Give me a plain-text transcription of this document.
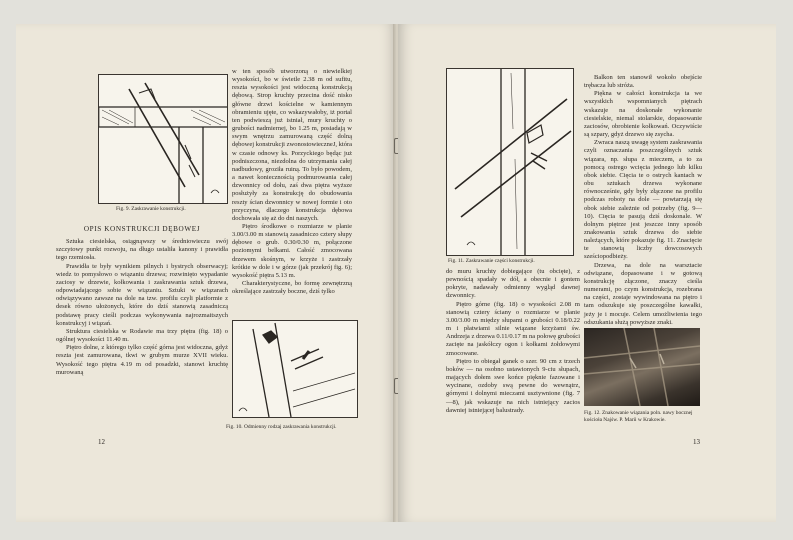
Fig. 9. Zaskrawanie konstrukcji.

OPIS KONSTRUKCJI DĘBOWEJ

Sztuka ciesielska, osiągnąwszy w średniowieczu swój szczytowy punkt rozwoju, na długo ustaliła kanony i prawidła tego rzemiosła.

Prawidła te były wynikiem pilnych i bystrych obserwacyj; wiedz to pomysłowo o wiązaniu drzewa; rozwinięto wypadanie zaciosy w drzewie, kołkowania i zaskrawania sztuk drzewa, odpowiadającego sobie w wiązaniu. Sztuki w wiązarach odwiązywano zawsze na dole na tzw. profilu czyli platformie z desek równo ułożonych, które do dziś stanowią zasadniczą podstawę pracy cieśli podczas wykonywania najrozmaitszych konstrukcyj i wiązań.

Struktura ciesielska w Rodawie ma trzy piętra (fig. 18) o ogólnej wysokości 11.40 m.

Piętro dolne, z którego tylko część górna jest widoczna, gdyż reszta jest zamurowana, tkwi w grubym murze XVII wieku. Wysokość tego piętra 4.19 m od posadzki, stanowi kruchtę murowaną

w ten sposób utworzoną o niewielkiej wysokości, bo w świetle 2.38 m od sufitu, reszta wysokości jest widoczną konstrukcją dębową. Strop kruchty przecina dość nisko główne drzwi kościelne w kamiennym obramieniu ujęte, co wskazywałoby, iż portal ten podwieszą już istniał, mury kruchty o grubości nadmiernej, bo 1.25 m, posiadają w swym wnętrzu zamurowaną część dolną dębowej konstrukcji zwonostowieczneJ, która w czasie odnowy ks. Porzyckiego będąc już podniszczona, niezdolna do utrzymania całej nadbudowy, groziła ruiną. To było powodem, a nawet koniecznością podmurowania całej dzwonnicy od dołu, zaś dwa piętra wyższe posłużyły za konstrukcję do obudowania reszty ścian dzwonnicy w nowej formie i oto przyczyna, dlaczego konstrukcja dębowa dochowała się aż do dni naszych.

Piętro środkowe o rozmiarze w planie 3.00/3.00 m stanowią zasadniczo cztery słupy dębowe o grub. 0.30/0.30 m, połączone poziomymi belkami. Całość zmocowana drzewem skośnym, w krzyże i zastrzały krótkie w dole i w górze (jak przekrój fig. 6); wysokość piętra 5.13 m.

Charakterystyczne, bo formę zewnętrzną określające zastrzały boczne, dziś tylko

Fig. 10. Odmienny rodzaj zaskrawania konstrukcji.

12

Fig. 11. Zaskrawanie części konstrukcji.

do muru kruchty dobiegające (tu obcięte), z pewnością spadały w dół, a obecnie i gontem pokryte, nadawały odmienny wygląd dawnej dzwonnicy.

Piętro górne (fig. 18) o wysokości 2.08 m stanowią cztery ściany o rozmiarze w planie 3.00/3.00 m między słupami o grubości 0.18/0.22 m i płatwiami silnie wiązane krzyżami św. Andrzeja z drzewa 0.11/0.17 m na połowę grubości zacięte na jaskółczy ogon i kołkami żołdowymi zmocowane.

Piętro to obiegał ganek o szer. 90 cm z trzech boków — na osobno ustawionych 9-ciu słupach, mających dołem swe końce pięknie fazowane i wycinane, ozdoby swą pewne do wewnątrz, górnymi i dolnymi mieczami usztywnione (fig. 7—8), jak wskazuje na nich istniejący zacios dawniej istniejącej balustrady.

Balkon ten stanowił wokoło obejście trębacza lub stróża.

Piękna w całości konstrukcja ta we wszystkich wspomnianych piętrach wskazuje na doskonałe wykonanie ciesielskie, niemal stolarskie, dopasowanie zaciosów, obrobienie kołkowań. Oczywiście są szpary, gdyż drzewo się zsycha.

Zwraca naszą uwagę system zaskrawania czyli oznaczania poszczególnych sztuk wiązara, np. słupa z mieczem, a to za pomocą ostrego wcięcia jednego lub kilku obok siebie. Cięcia te o ostrych kantach w obu sztukach drzewa wykonane równocześnie, gdy były złączone na profilu podczas roboty na dole — powtarzają się obok siebie zależnie od potrzeby (fig. 9—10). Cięcia te pasują dziś doskonale. W dolnym piętrze jest jeszcze inny sposób znakowania sztuk drzewa do siebie należących, które pokazuje fig. 11. Znacięcie te stanowią liczby dowcosowych sześciopodbieży.

Drzewa, na dole na warsztacie odwiązane, dopasowane i w gotową konstrukcję złączone, znaczy cieśla numerami, po czym konstrukcja, rozebrana na części, zostaje wywindowana na piętro i tam odszukuje się poszczególne kawałki, jeży je i mocuje. Celem umożliwienia tego odszukania służą powyższe znaki.

Fig. 12. Znakowanie wiązania poln. nawy bocznej kościoła Najśw. P. Marii w Krakowie.

13
